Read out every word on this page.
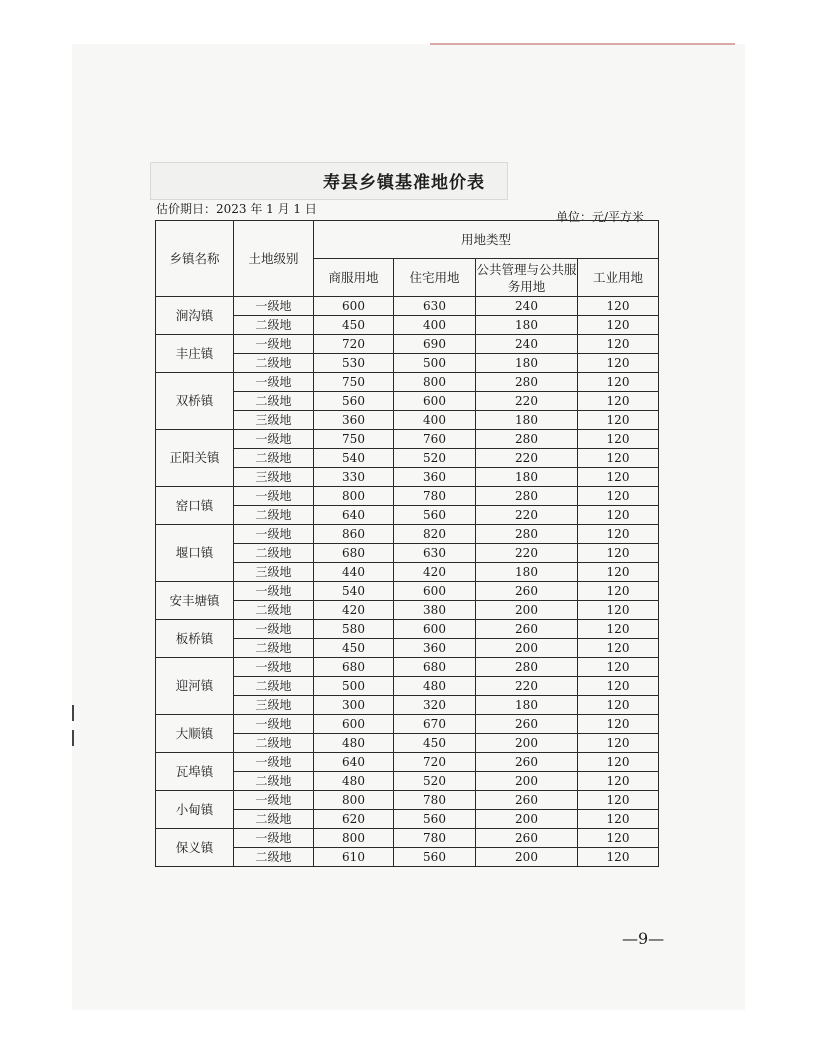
寿县乡镇基准地价表
估价期日：2023 年 1 月 1 日
单位：元/平方米
乡镇名称	土地级别	用地类型			
		商服用地	住宅用地	公共管理与公共服务用地	工业用地
涧沟镇	一级地	600	630	240	120
	二级地	450	400	180	120
丰庄镇	一级地	720	690	240	120
	二级地	530	500	180	120
双桥镇	一级地	750	800	280	120
	二级地	560	600	220	120
	三级地	360	400	180	120
正阳关镇	一级地	750	760	280	120
	二级地	540	520	220	120
	三级地	330	360	180	120
窑口镇	一级地	800	780	280	120
	二级地	640	560	220	120
堰口镇	一级地	860	820	280	120
	二级地	680	630	220	120
	三级地	440	420	180	120
安丰塘镇	一级地	540	600	260	120
	二级地	420	380	200	120
板桥镇	一级地	580	600	260	120
	二级地	450	360	200	120
迎河镇	一级地	680	680	280	120
	二级地	500	480	220	120
	三级地	300	320	180	120
大顺镇	一级地	600	670	260	120
	二级地	480	450	200	120
瓦埠镇	一级地	640	720	260	120
	二级地	480	520	200	120
小甸镇	一级地	800	780	260	120
	二级地	620	560	200	120
保义镇	一级地	800	780	260	120
	二级地	610	560	200	120
—9—
